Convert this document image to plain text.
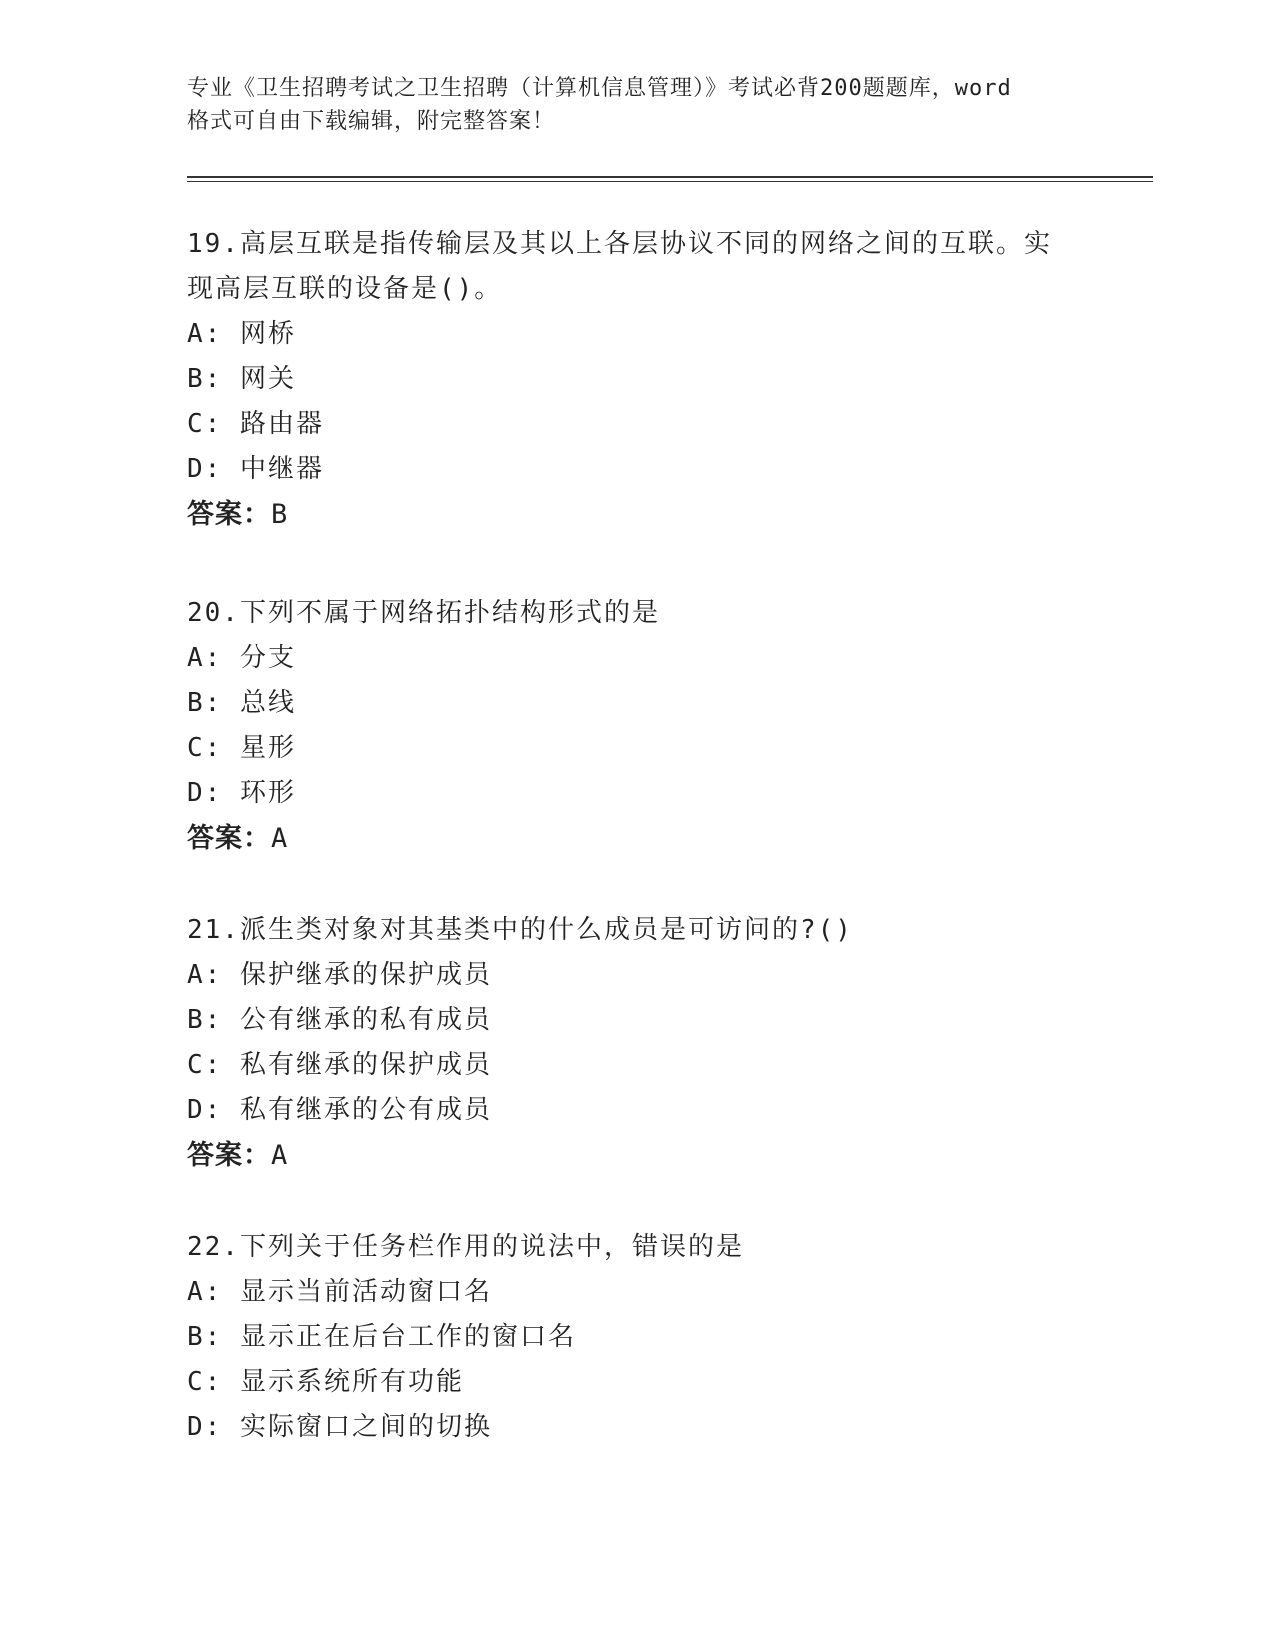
专业《卫生招聘考试之卫生招聘（计算机信息管理）》考试必背200题题库，word
格式可自由下载编辑，附完整答案！
19.高层互联是指传输层及其以上各层协议不同的网络之间的互联。实
现高层互联的设备是()。
A: 网桥
B: 网关
C: 路由器
D: 中继器
答案：B
20.下列不属于网络拓扑结构形式的是
A: 分支
B: 总线
C: 星形
D: 环形
答案：A
21.派生类对象对其基类中的什么成员是可访问的?()
A: 保护继承的保护成员
B: 公有继承的私有成员
C: 私有继承的保护成员
D: 私有继承的公有成员
答案：A
22.下列关于任务栏作用的说法中，错误的是
A: 显示当前活动窗口名
B: 显示正在后台工作的窗口名
C: 显示系统所有功能
D: 实际窗口之间的切换
